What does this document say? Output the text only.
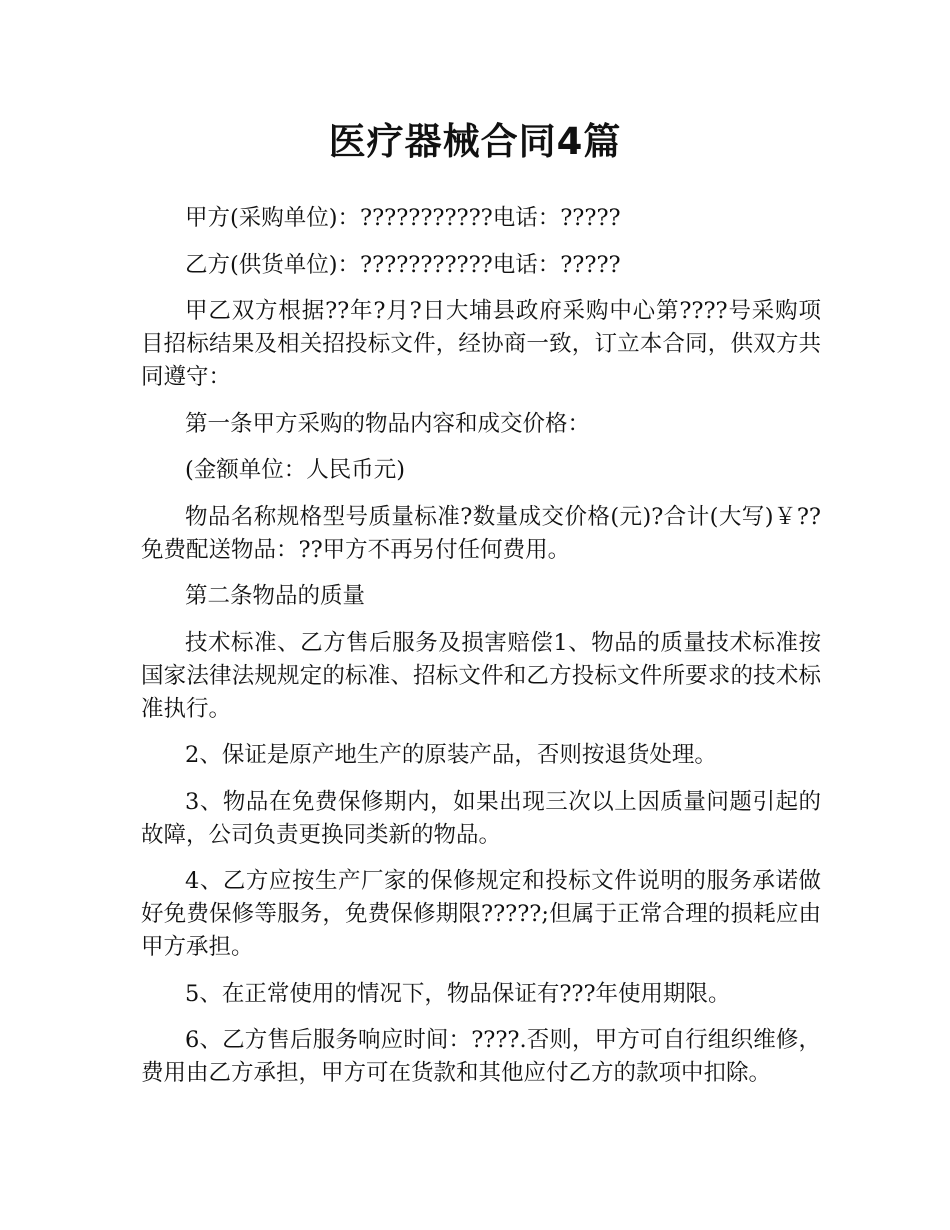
医疗器械合同4篇

甲方(采购单位)：???????????电话：?????

乙方(供货单位)：???????????电话：?????

甲乙双方根据??年?月?日大埔县政府采购中心第????号采购项目招标结果及相关招投标文件，经协商一致，订立本合同，供双方共同遵守：

第一条甲方采购的物品内容和成交价格：

(金额单位：人民币元)

物品名称规格型号质量标准?数量成交价格(元)?合计(大写)￥??免费配送物品：??甲方不再另付任何费用。

第二条物品的质量

技术标准、乙方售后服务及损害赔偿1、物品的质量技术标准按国家法律法规规定的标准、招标文件和乙方投标文件所要求的技术标准执行。

2、保证是原产地生产的原装产品，否则按退货处理。

3、物品在免费保修期内，如果出现三次以上因质量问题引起的故障，公司负责更换同类新的物品。

4、乙方应按生产厂家的保修规定和投标文件说明的服务承诺做好免费保修等服务，免费保修期限?????;但属于正常合理的损耗应由甲方承担。

5、在正常使用的情况下，物品保证有???年使用期限。

6、乙方售后服务响应时间：????.否则，甲方可自行组织维修，费用由乙方承担，甲方可在货款和其他应付乙方的款项中扣除。
